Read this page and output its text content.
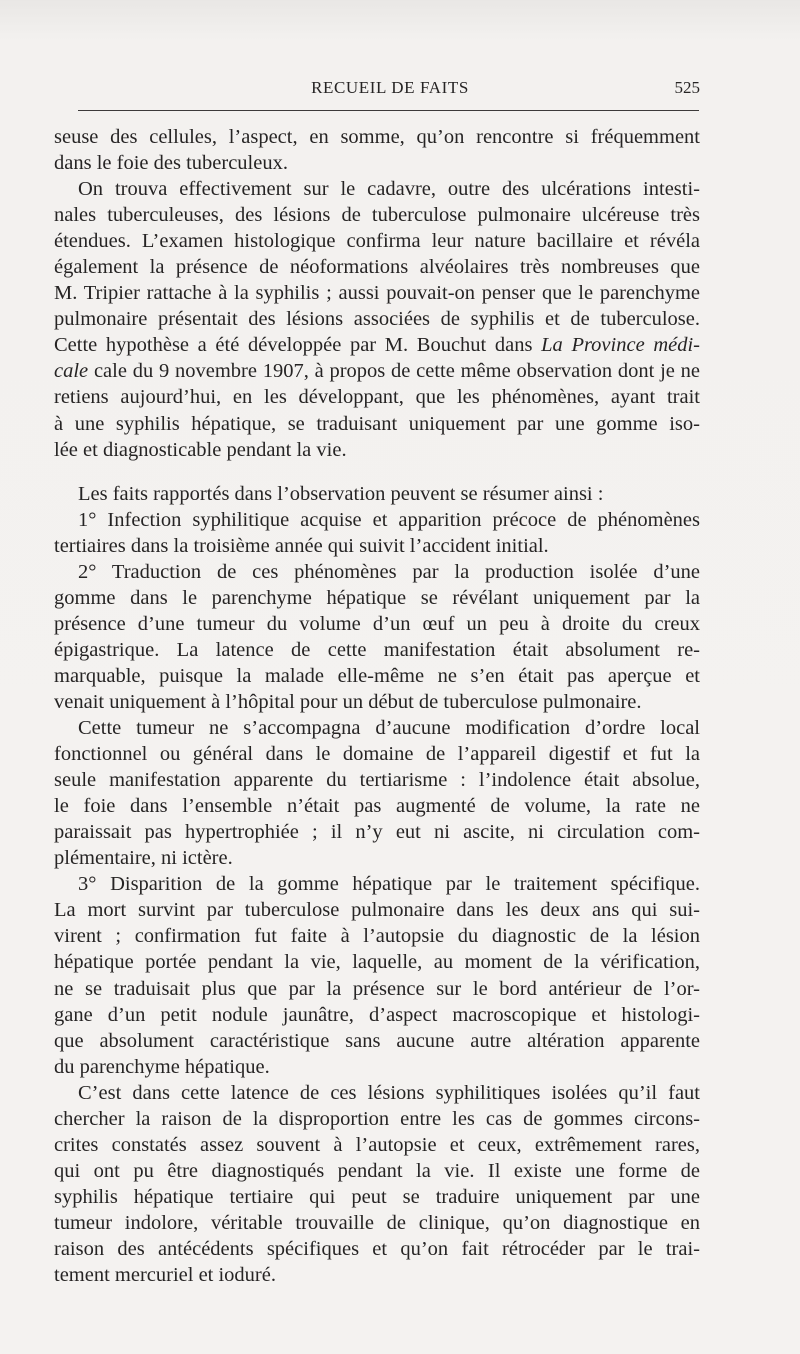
RECUEIL DE FAITS	525
seuse des cellules, l’aspect, en somme, qu’on rencontre si fréquemment
dans le foie des tuberculeux.
On trouva effectivement sur le cadavre, outre des ulcérations intesti-
nales tuberculeuses, des lésions de tuberculose pulmonaire ulcéreuse très
étendues. L’examen histologique confirma leur nature bacillaire et révéla
également la présence de néoformations alvéolaires très nombreuses que
M. Tripier rattache à la syphilis ; aussi pouvait-on penser que le parenchyme
pulmonaire présentait des lésions associées de syphilis et de tuberculose.
Cette hypothèse a été développée par M. Bouchut dans La Province médi-
cale cale du 9 novembre 1907, à propos de cette même observation dont je ne
retiens aujourd’hui, en les développant, que les phénomènes, ayant trait
à une syphilis hépatique, se traduisant uniquement par une gomme iso-
lée et diagnosticable pendant la vie.
Les faits rapportés dans l’observation peuvent se résumer ainsi :
1° Infection syphilitique acquise et apparition précoce de phénomènes
tertiaires dans la troisième année qui suivit l’accident initial.
2° Traduction de ces phénomènes par la production isolée d’une
gomme dans le parenchyme hépatique se révélant uniquement par la
présence d’une tumeur du volume d’un œuf un peu à droite du creux
épigastrique. La latence de cette manifestation était absolument re-
marquable, puisque la malade elle-même ne s’en était pas aperçue et
venait uniquement à l’hôpital pour un début de tuberculose pulmonaire.
Cette tumeur ne s’accompagna d’aucune modification d’ordre local
fonctionnel ou général dans le domaine de l’appareil digestif et fut la
seule manifestation apparente du tertiarisme : l’indolence était absolue,
le foie dans l’ensemble n’était pas augmenté de volume, la rate ne
paraissait pas hypertrophiée ; il n’y eut ni ascite, ni circulation com-
plémentaire, ni ictère.
3° Disparition de la gomme hépatique par le traitement spécifique.
La mort survint par tuberculose pulmonaire dans les deux ans qui sui-
virent ; confirmation fut faite à l’autopsie du diagnostic de la lésion
hépatique portée pendant la vie, laquelle, au moment de la vérification,
ne se traduisait plus que par la présence sur le bord antérieur de l’or-
gane d’un petit nodule jaunâtre, d’aspect macroscopique et histologi-
que absolument caractéristique sans aucune autre altération apparente
du parenchyme hépatique.
C’est dans cette latence de ces lésions syphilitiques isolées qu’il faut
chercher la raison de la disproportion entre les cas de gommes circons-
crites constatés assez souvent à l’autopsie et ceux, extrêmement rares,
qui ont pu être diagnostiqués pendant la vie. Il existe une forme de
syphilis hépatique tertiaire qui peut se traduire uniquement par une
tumeur indolore, véritable trouvaille de clinique, qu’on diagnostique en
raison des antécédents spécifiques et qu’on fait rétrocéder par le trai-
tement mercuriel et ioduré.
